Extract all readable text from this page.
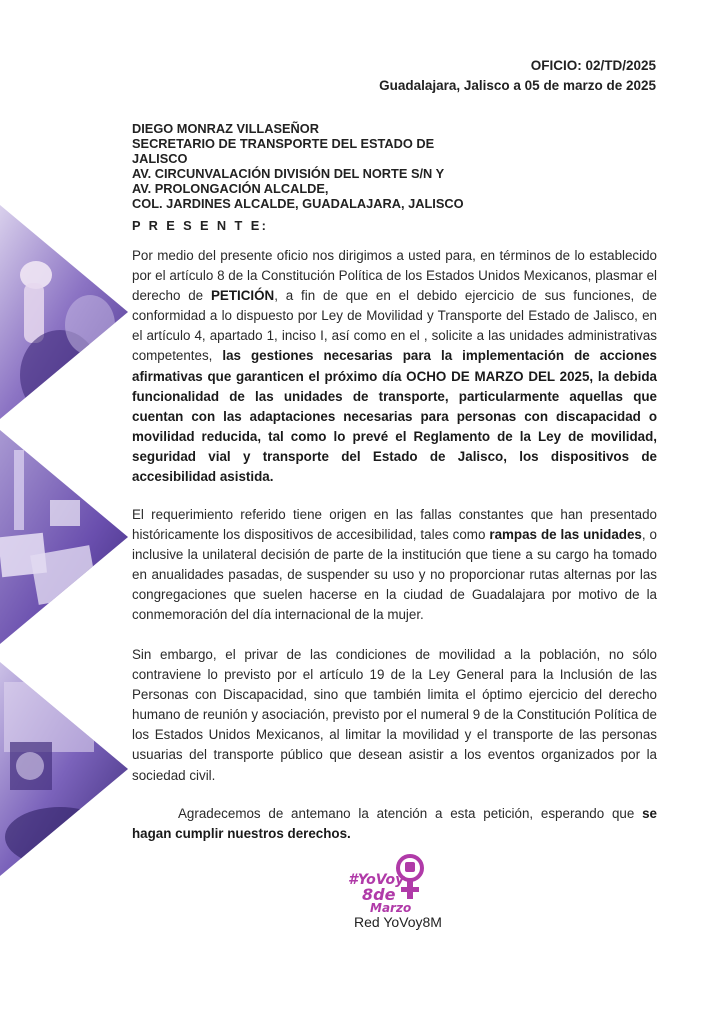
OFICIO: 02/TD/2025
Guadalajara, Jalisco a 05 de marzo de 2025
DIEGO MONRAZ VILLASEÑOR
SECRETARIO DE TRANSPORTE DEL ESTADO DE
JALISCO
AV. CIRCUNVALACIÓN DIVISIÓN DEL NORTE S/N Y
AV. PROLONGACIÓN ALCALDE,
COL. JARDINES ALCALDE, GUADALAJARA, JALISCO
P R E S E N T E:
Por medio del presente oficio nos dirigimos a usted para, en términos de lo establecido por el artículo 8 de la Constitución Política de los Estados Unidos Mexicanos, plasmar el derecho de PETICIÓN, a fin de que en el debido ejercicio de sus funciones, de conformidad a lo dispuesto por Ley de Movilidad y Transporte del Estado de Jalisco, en el artículo 4, apartado 1, inciso I, así como en el , solicite a las unidades administrativas competentes, las gestiones necesarias para la implementación de acciones afirmativas que garanticen el próximo día OCHO DE MARZO DEL 2025, la debida funcionalidad de las unidades de transporte, particularmente aquellas que cuentan con las adaptaciones necesarias para personas con discapacidad o movilidad reducida, tal como lo prevé el Reglamento de la Ley de movilidad, seguridad vial y transporte del Estado de Jalisco, los dispositivos de accesibilidad asistida.
El requerimiento referido tiene origen en las fallas constantes que han presentado históricamente los dispositivos de accesibilidad, tales como rampas de las unidades, o inclusive la unilateral decisión de parte de la institución que tiene a su cargo ha tomado en anualidades pasadas, de suspender su uso y no proporcionar rutas alternas por las congregaciones que suelen hacerse en la ciudad de Guadalajara por motivo de la conmemoración del día internacional de la mujer.
Sin embargo, el privar de las condiciones de movilidad a la población, no sólo contraviene lo previsto por el artículo 19 de la Ley General para la Inclusión de las Personas con Discapacidad, sino que también limita el óptimo ejercicio del derecho humano de reunión y asociación, previsto por el numeral 9 de la Constitución Política de los Estados Unidos Mexicanos, al limitar la movilidad y el transporte de las personas usuarias del transporte público que desean asistir a los eventos organizados por la sociedad civil.
Agradecemos de antemano la atención a esta petición, esperando que se hagan cumplir nuestros derechos.
#YoVoy
8de
Marzo
Red YoVoy8M
